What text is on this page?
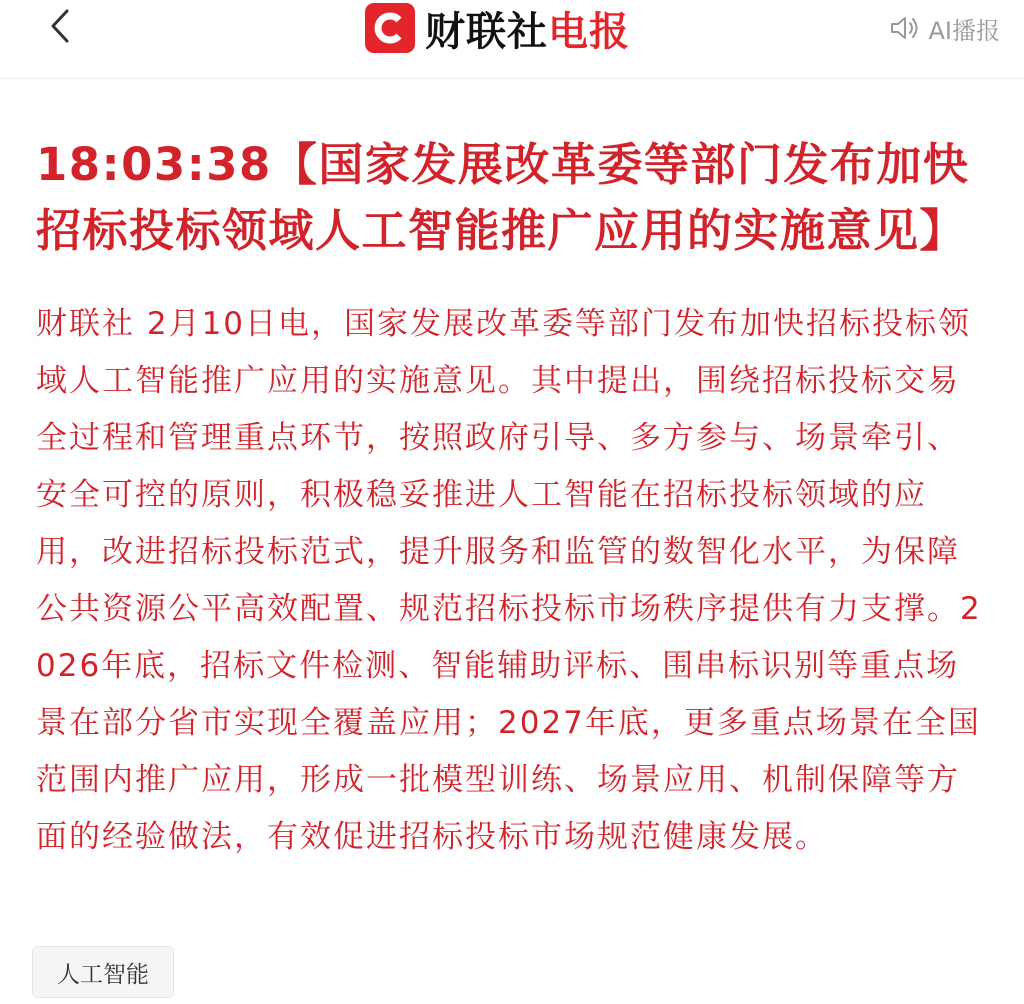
财联社电报	AI播报
18:03:38【国家发展改革委等部门发布加快招标投标领域人工智能推广应用的实施意见】

财联社 2月10日电，国家发展改革委等部门发布加快招标投标领域人工智能推广应用的实施意见。其中提出，围绕招标投标交易全过程和管理重点环节，按照政府引导、多方参与、场景牵引、安全可控的原则，积极稳妥推进人工智能在招标投标领域的应用，改进招标投标范式，提升服务和监管的数智化水平，为保障公共资源公平高效配置、规范招标投标市场秩序提供有力支撑。2026年底，招标文件检测、智能辅助评标、围串标识别等重点场景在部分省市实现全覆盖应用；2027年底，更多重点场景在全国范围内推广应用，形成一批模型训练、场景应用、机制保障等方面的经验做法，有效促进招标投标市场规范健康发展。

人工智能
